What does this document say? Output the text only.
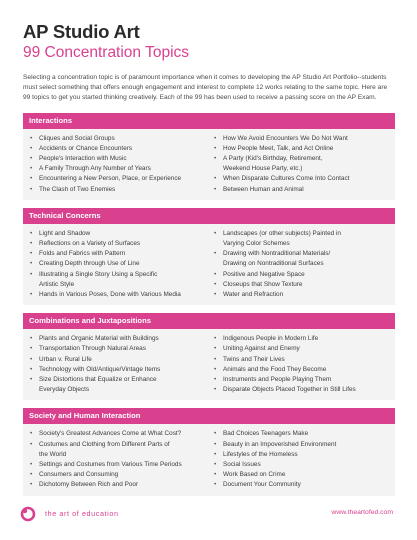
AP Studio Art
99 Concentration Topics
Selecting a concentration topic is of paramount importance when it comes to developing the AP Studio Art Portfolio--students must select something that offers enough engagement and interest to complete 12 works relating to the same topic. Here are 99 topics to get you started thinking creatively. Each of the 99 has been used to receive a passing score on the AP Exam.
Interactions
• Cliques and Social Groups
• Accidents or Chance Encounters
• People's Interaction with Music
• A Family Through Any Number of Years
• Encountering a New Person, Place, or Experience
• The Clash of Two Enemies
• How We Avoid Encounters We Do Not Want
• How People Meet, Talk, and Act Online
• A Party (Kid's Birthday, Retirement,
Weekend House Party, etc.)
• When Disparate Cultures Come Into Contact
• Between Human and Animal
Technical Concerns
• Light and Shadow
• Reflections on a Variety of Surfaces
• Folds and Fabrics with Pattern
• Creating Depth through Use of Line
• Illustrating a Single Story Using a Specific
Artistic Style
• Hands in Various Poses, Done with Various Media
• Landscapes (or other subjects) Painted in
Varying Color Schemes
• Drawing with Nontraditional Materials/
Drawing on Nontraditional Surfaces
• Positive and Negative Space
• Closeups that Show Texture
• Water and Refraction
Combinations and Juxtapositions
• Plants and Organic Material with Buildings
• Transportation Through Natural Areas
• Urban v. Rural Life
• Technology with Old/Antique/Vintage Items
• Size Distortions that Equalize or Enhance
Everyday Objects
• Indigenous People in Modern Life
• Uniting Against and Enemy
• Twins and Their Lives
• Animals and the Food They Become
• Instruments and People Playing Them
• Disparate Objects Placed Together in Still Lifes
Society and Human Interaction
• Society's Greatest Advances Come at What Cost?
• Costumes and Clothing from Different Parts of
the World
• Settings and Costumes from Various Time Periods
• Consumers and Consuming
• Dichotomy Between Rich and Poor
• Bad Choices Teenagers Make
• Beauty in an Impoverished Environment
• Lifestyles of the Homeless
• Social Issues
• Work Based on Crime
• Document Your Community
the art of education	www.theartofed.com
